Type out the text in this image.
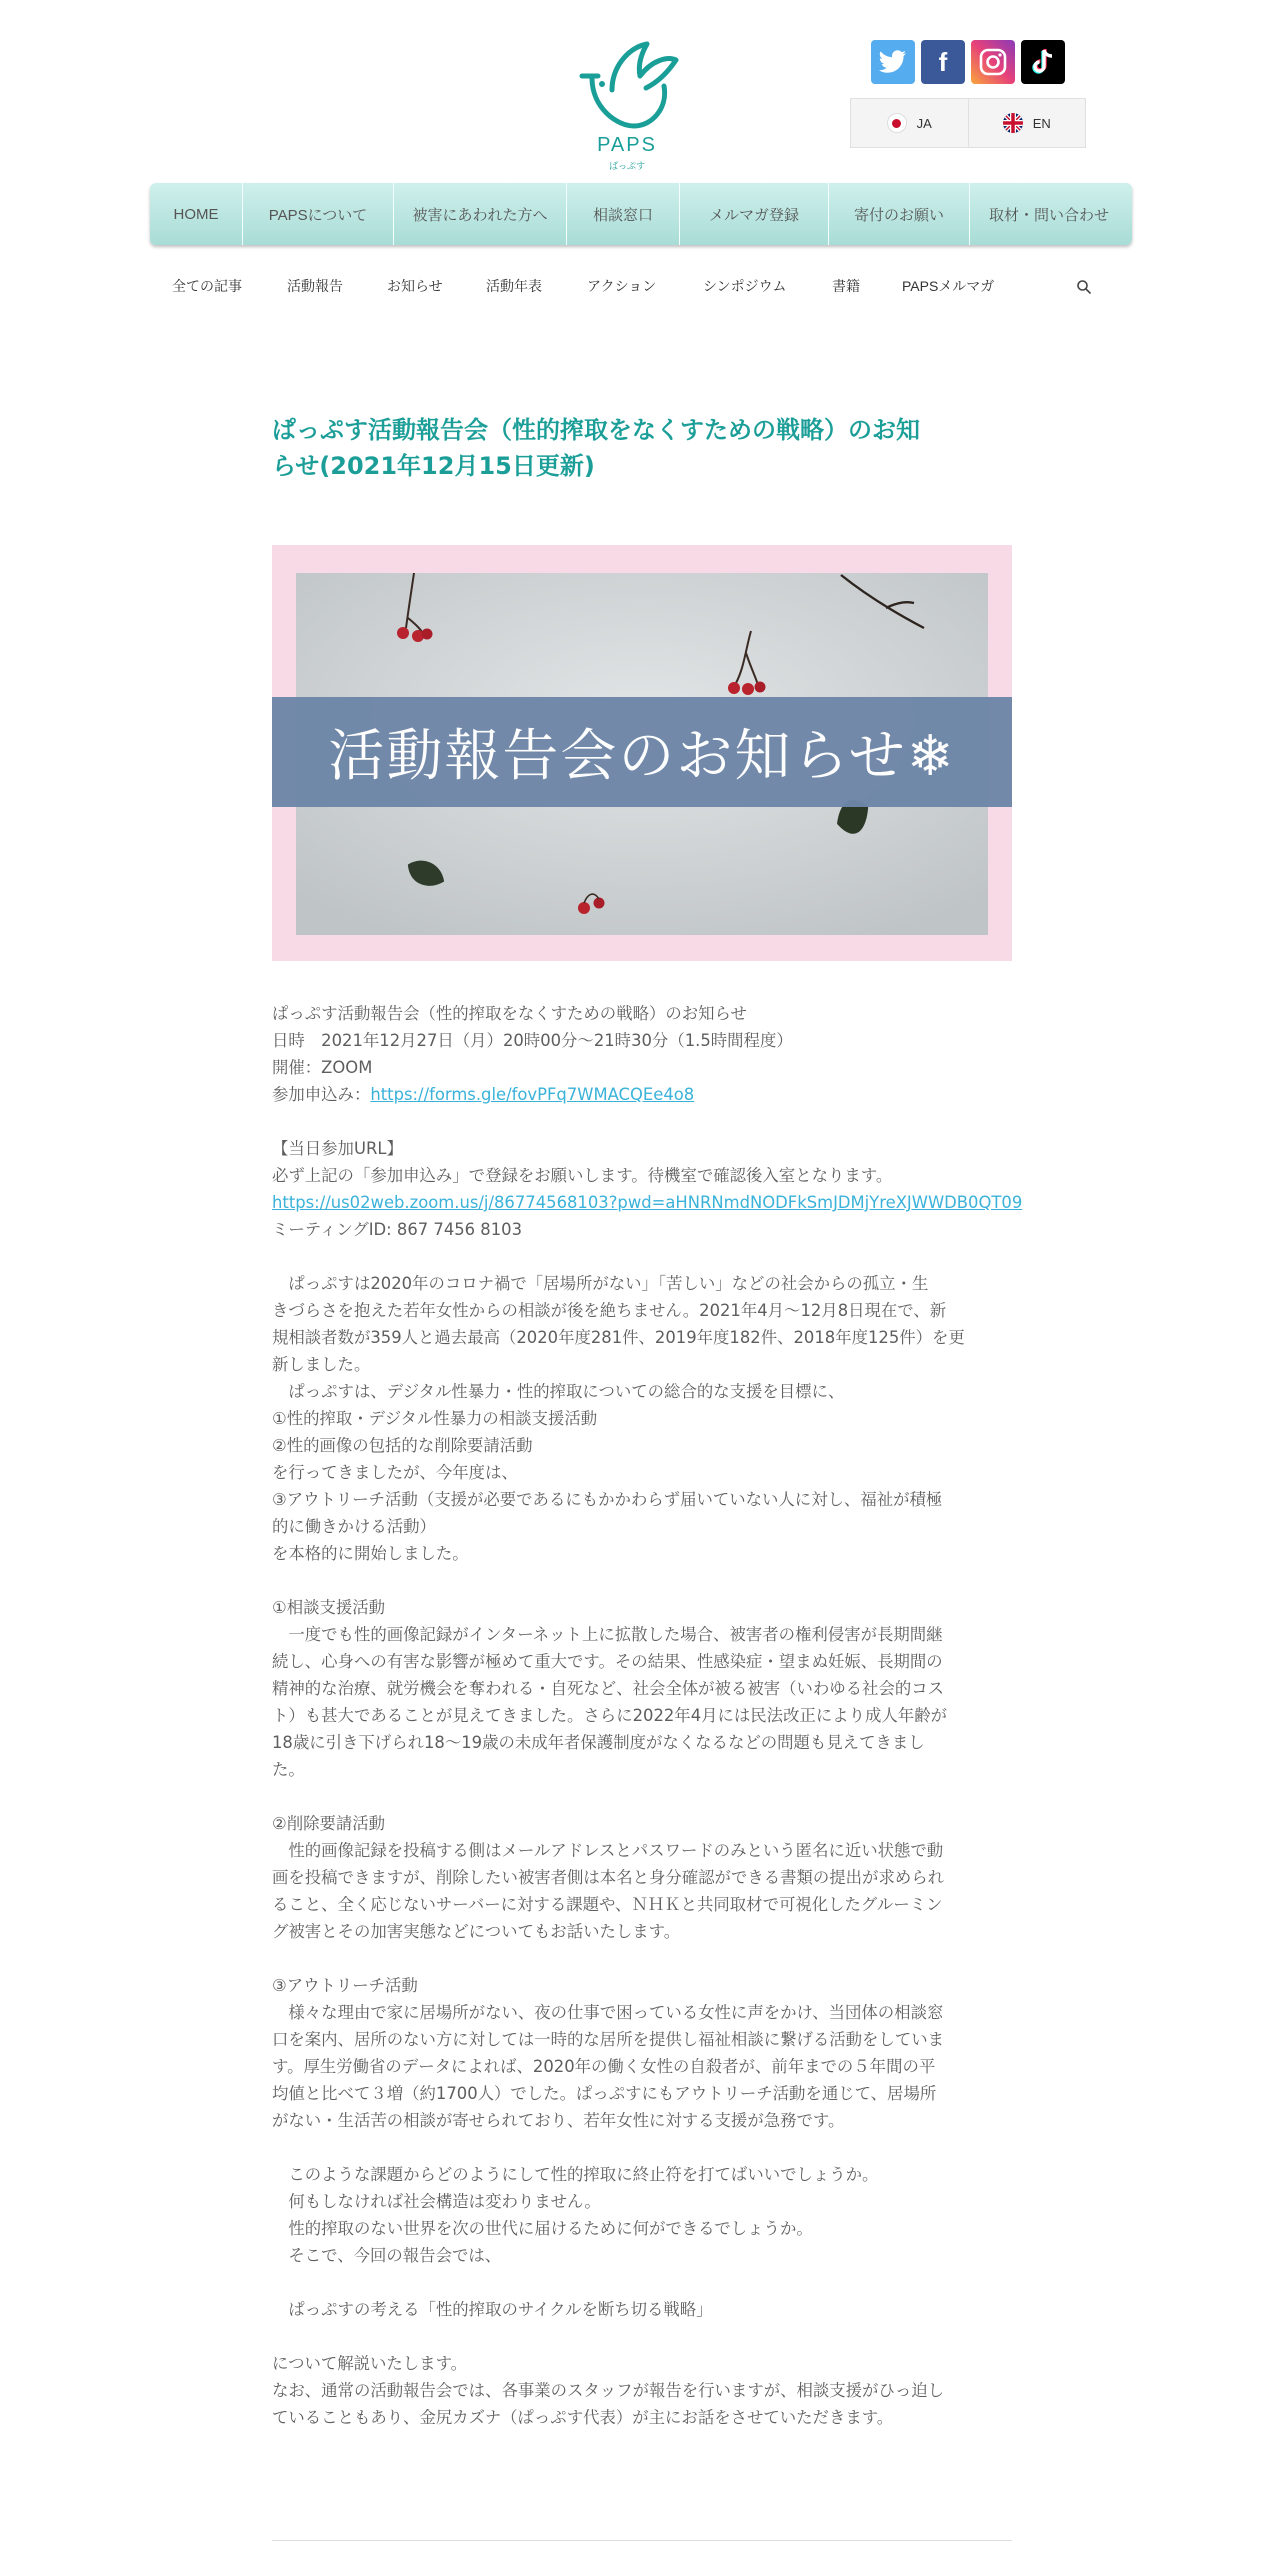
PAPS
ぱっぷす
f
JA	EN
HOME	PAPSについて	被害にあわれた方へ	相談窓口	メルマガ登録	寄付のお願い	取材・問い合わせ
全ての記事	活動報告	お知らせ	活動年表	アクション	シンポジウム	書籍	PAPSメルマガ
ぱっぷす活動報告会（性的搾取をなくすための戦略）のお知
らせ(2021年12月15日更新)
活動報告会のお知らせ❄
ぱっぷす活動報告会（性的搾取をなくすための戦略）のお知らせ
日時　2021年12月27日（月）20時00分～21時30分（1.5時間程度）
開催：ZOOM
参加申込み：https://forms.gle/fovPFq7WMACQEe4o8
【当日参加URL】
必ず上記の「参加申込み」で登録をお願いします。待機室で確認後入室となります。
https://us02web.zoom.us/j/86774568103?pwd=aHNRNmdNODFkSmJDMjYreXJWWDB0QT09
ミーティングID: 867 7456 8103
　ぱっぷすは2020年のコロナ禍で「居場所がない」「苦しい」などの社会からの孤立・生
きづらさを抱えた若年女性からの相談が後を絶ちません。2021年4月～12月8日現在で、新
規相談者数が359人と過去最高（2020年度281件、2019年度182件、2018年度125件）を更
新しました。
　ぱっぷすは、デジタル性暴力・性的搾取についての総合的な支援を目標に、
①性的搾取・デジタル性暴力の相談支援活動
②性的画像の包括的な削除要請活動
を行ってきましたが、今年度は、
③アウトリーチ活動（支援が必要であるにもかかわらず届いていない人に対し、福祉が積極
的に働きかける活動）
を本格的に開始しました。
①相談支援活動
　一度でも性的画像記録がインターネット上に拡散した場合、被害者の権利侵害が長期間継
続し、心身への有害な影響が極めて重大です。その結果、性感染症・望まぬ妊娠、長期間の
精神的な治療、就労機会を奪われる・自死など、社会全体が被る被害（いわゆる社会的コス
ト）も甚大であることが見えてきました。さらに2022年4月には民法改正により成人年齢が
18歳に引き下げられ18～19歳の未成年者保護制度がなくなるなどの問題も見えてきまし
た。
②削除要請活動
　性的画像記録を投稿する側はメールアドレスとパスワードのみという匿名に近い状態で動
画を投稿できますが、削除したい被害者側は本名と身分確認ができる書類の提出が求められ
ること、全く応じないサーバーに対する課題や、ＮＨＫと共同取材で可視化したグルーミン
グ被害とその加害実態などについてもお話いたします。
③アウトリーチ活動
　様々な理由で家に居場所がない、夜の仕事で困っている女性に声をかけ、当団体の相談窓
口を案内、居所のない方に対しては一時的な居所を提供し福祉相談に繋げる活動をしていま
す。厚生労働省のデータによれば、2020年の働く女性の自殺者が、前年までの５年間の平
均値と比べて３増（約1700人）でした。ぱっぷすにもアウトリーチ活動を通じて、居場所
がない・生活苦の相談が寄せられており、若年女性に対する支援が急務です。
　このような課題からどのようにして性的搾取に終止符を打てばいいでしょうか。
　何もしなければ社会構造は変わりません。
　性的搾取のない世界を次の世代に届けるために何ができるでしょうか。
　そこで、今回の報告会では、
　ぱっぷすの考える「性的搾取のサイクルを断ち切る戦略」
について解説いたします。
なお、通常の活動報告会では、各事業のスタッフが報告を行いますが、相談支援がひっ迫し
ていることもあり、金尻カズナ（ぱっぷす代表）が主にお話をさせていただきます。
